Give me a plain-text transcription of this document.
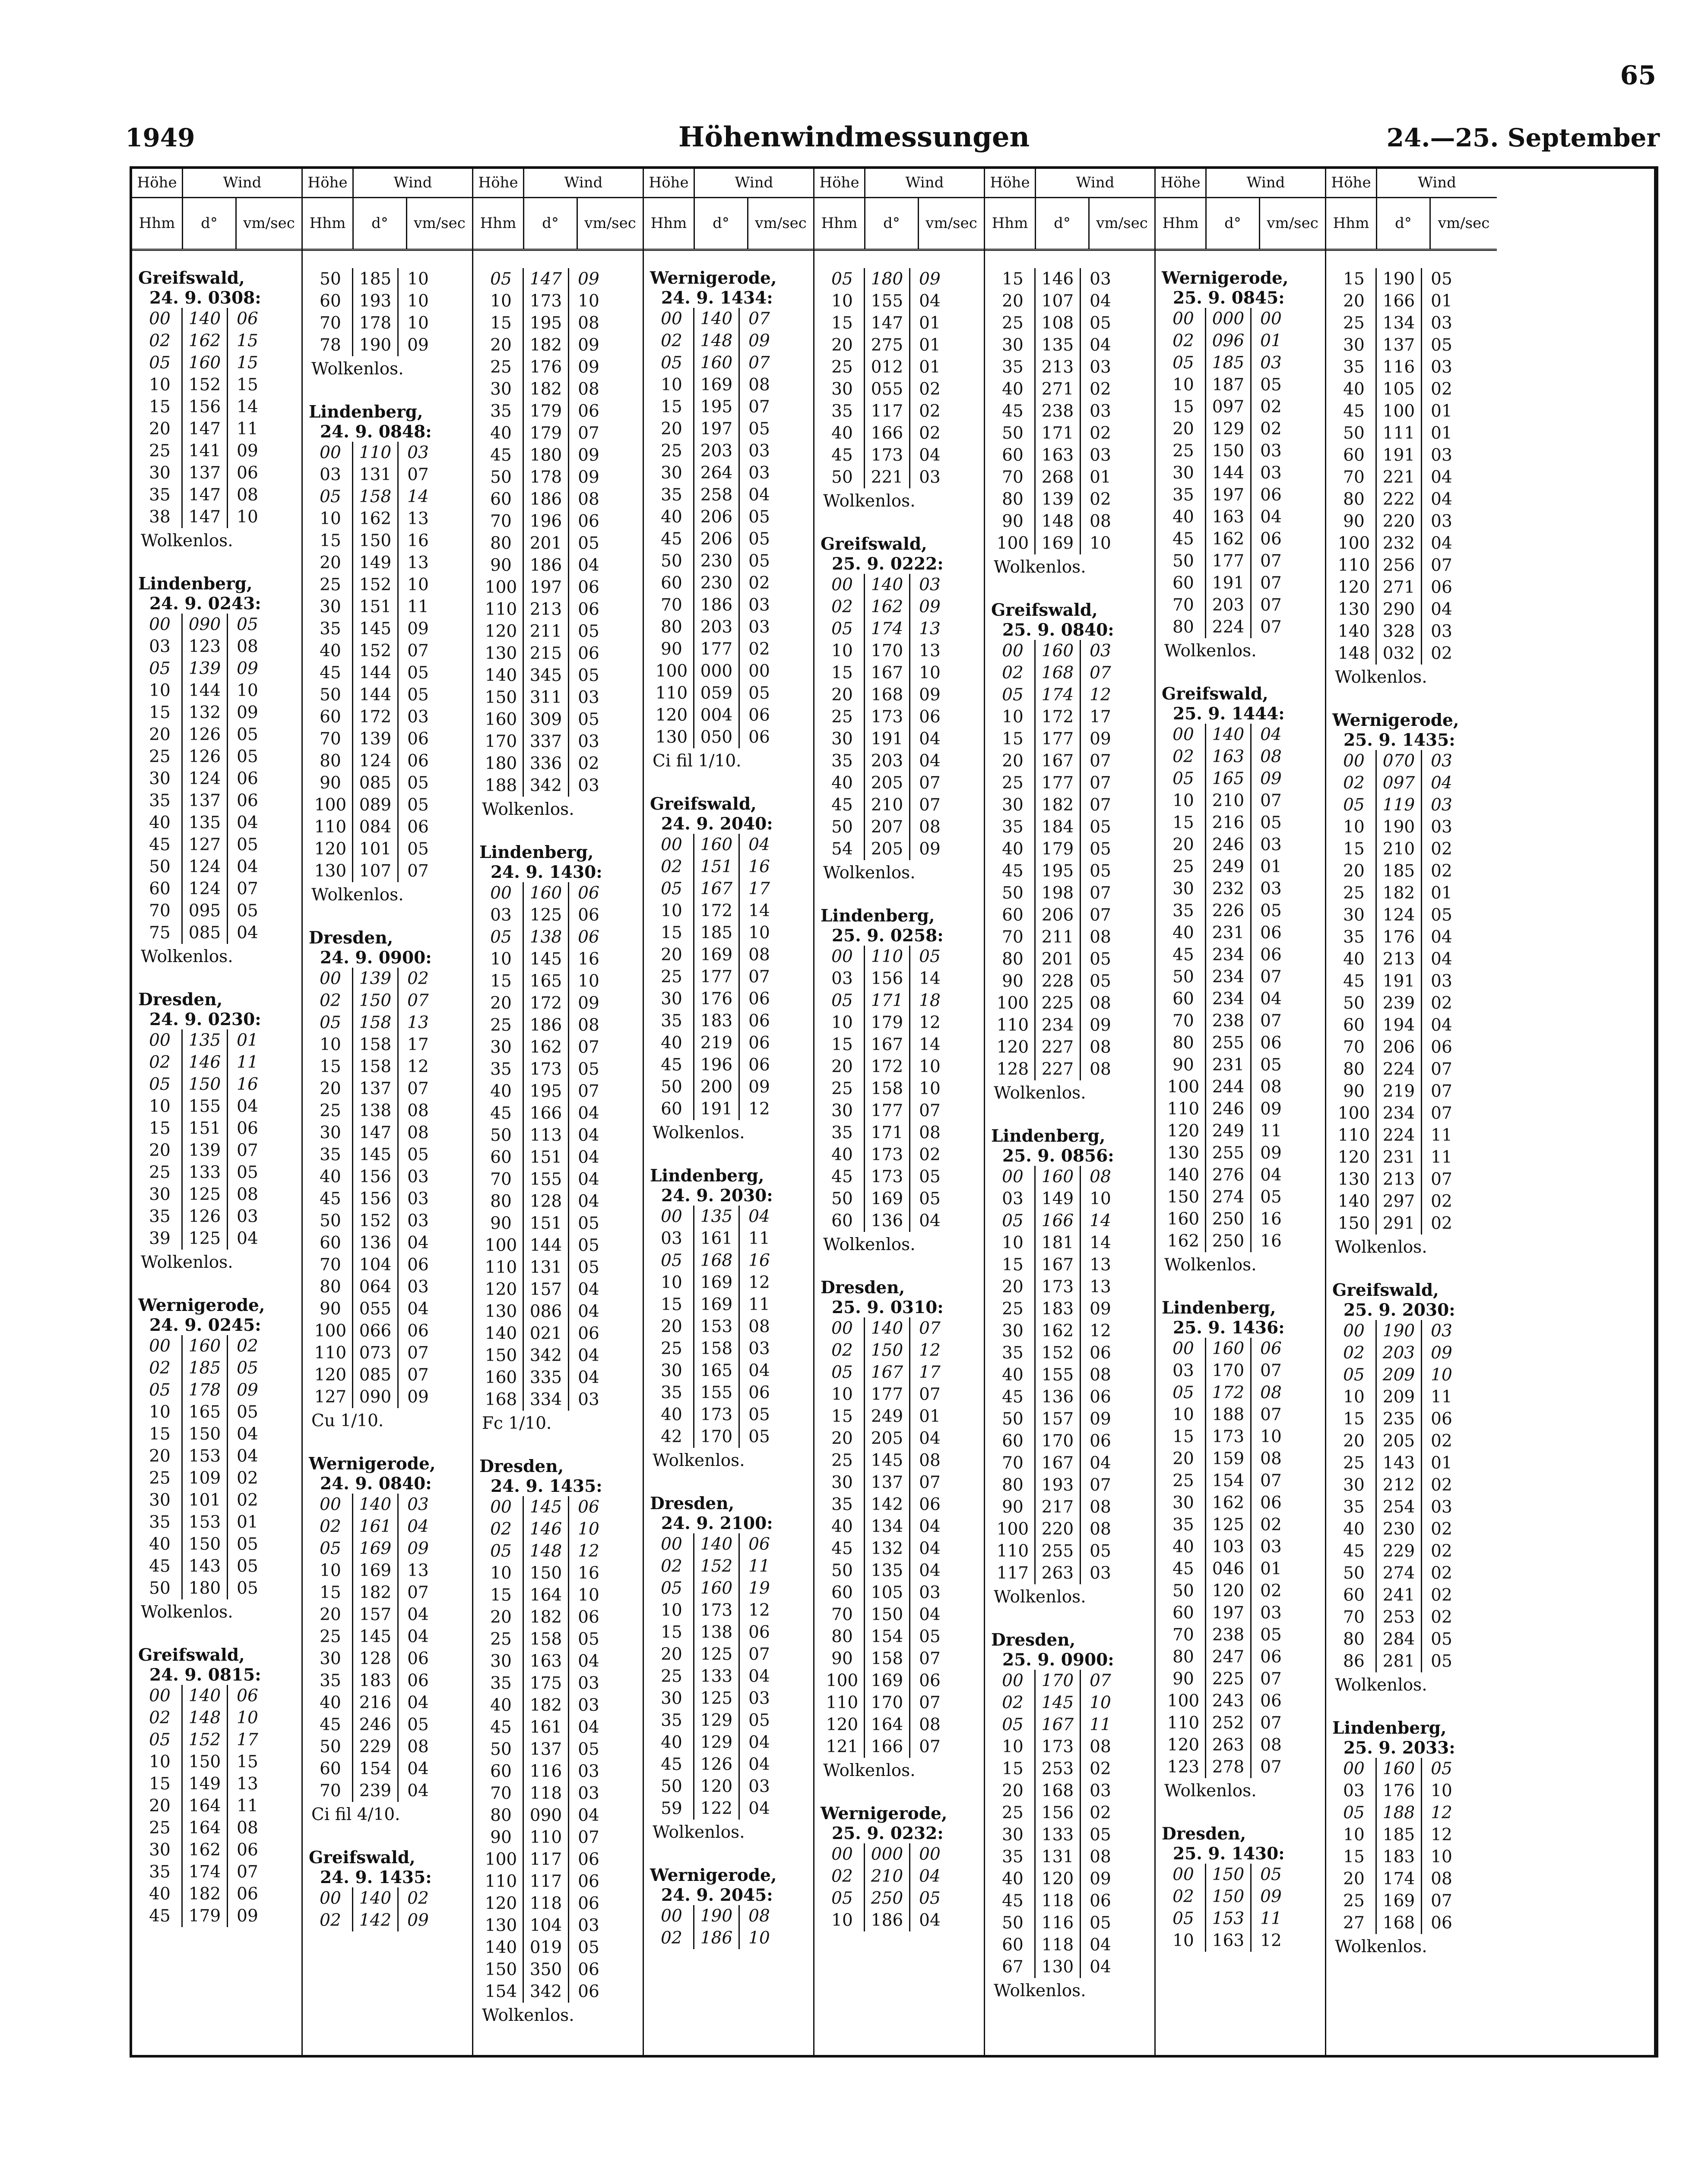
65
1949	Höhenwindmessungen	24.—25. September
Höhe	Wind
H hm d ° v m/sec
Greifswald,
24. 9. 0308:
00	140 06
02	162 15
05	160 15
10	152 15
15	156 14
20	147 11
25	141 09
30	137 06
35	147 08
38	147 10
Wolkenlos.
Lindenberg,
24. 9. 0243:
00	090 05
03	123 08
05	139 09
10	144 10
15	132 09
20	126 05
25	126 05
30	124 06
35	137 06
40	135 04
45	127 05
50	124 04
60	124 07
70	095 05
75	085 04
Wolkenlos.
Dresden,
24. 9. 0230:
00	135 01
02	146 11
05	150 16
10	155 04
15	151 06
20	139 07
25	133 05
30	125 08
35	126 03
39	125 04
Wolkenlos.
Wernigerode,
24. 9. 0245:
00	160 02
02	185 05
05	178 09
10	165 05
15	150 04
20	153 04
25	109 02
30	101 02
35	153 01
40	150 05
45	143 05
50	180 05
Wolkenlos.
Greifswald,
24. 9. 0815:
00	140 06
02	148 10
05	152 17
10	150 15
15	149 13
20	164 11
25	164 08
30	162 06
35	174 07
40	182 06
45	179 09
Höhe	Wind
H hm d ° v m/sec
50	185 10
60	193 10
70	178 10
78	190 09
Wolkenlos.
Lindenberg,
24. 9. 0848:
00	110 03
03	131 07
05	158 14
10	162 13
15	150 16
20	149 13
25	152 10
30	151 11
35	145 09
40	152 07
45	144 05
50	144 05
60	172 03
70	139 06
80	124 06
90	085 05
100 089 05
110 084 06
120 101 05
130 107 07
Wolkenlos.
Dresden,
24. 9. 0900:
00	139 02
02	150 07
05	158 13
10	158 17
15	158 12
20	137 07
25	138 08
30	147 08
35	145 05
40	156 03
45	156 03
50	152 03
60	136 04
70	104 06
80	064 03
90	055 04
100 066 06
110 073 07
120 085 07
127 090 09
Cu 1/10.
Wernigerode,
24. 9. 0840:
00	140 03
02	161 04
05	169 09
10	169 13
15	182 07
20	157 04
25	145 04
30	128 06
35	183 06
40	216 04
45	246 05
50	229 08
60	154 04
70	239 04
Ci fil 4/10.
Greifswald,
24. 9. 1435:
00	140 02
02	142 09
Höhe	Wind
H hm d ° v m/sec
05	147 09
10	173 10
15	195 08
20	182 09
25	176 09
30	182 08
35	179 06
40	179 07
45	180 09
50	178 09
60	186 08
70	196 06
80	201 05
90	186 04
100 197 06
110 213 06
120 211 05
130 215 06
140 345 05
150 311 03
160 309 05
170 337 03
180 336 02
188 342 03
Wolkenlos.
Lindenberg,
24. 9. 1430:
00	160 06
03	125 06
05	138 06
10	145 16
15	165 10
20	172 09
25	186 08
30	162 07
35	173 05
40	195 07
45	166 04
50	113 04
60	151 04
70	155 04
80	128 04
90	151 05
100 144 05
110 131 05
120 157 04
130 086 04
140 021 06
150 342 04
160 335 04
168 334 03
Fc 1/10.
Dresden,
24. 9. 1435:
00	145 06
02	146 10
05	148 12
10	150 16
15	164 10
20	182 06
25	158 05
30	163 04
35	175 03
40	182 03
45	161 04
50	137 05
60	116 03
70	118 03
80	090 04
90	110 07
100 117 06
110 117 06
120 118 06
130 104 03
140 019 05
150 350 06
154 342 06
Wolkenlos.
Höhe	Wind
H hm d ° v m/sec
Wernigerode,
24. 9. 1434:
00	140 07
02	148 09
05	160 07
10	169 08
15	195 07
20	197 05
25	203 03
30	264 03
35	258 04
40	206 05
45	206 05
50	230 05
60	230 02
70	186 03
80	203 03
90	177 02
100 000 00
110 059 05
120 004 06
130 050 06
Ci fil 1/10.
Greifswald,
24. 9. 2040:
00	160 04
02	151 16
05	167 17
10	172 14
15	185 10
20	169 08
25	177 07
30	176 06
35	183 06
40	219 06
45	196 06
50	200 09
60	191 12
Wolkenlos.
Lindenberg,
24. 9. 2030:
00	135 04
03	161 11
05	168 16
10	169 12
15	169 11
20	153 08
25	158 03
30	165 04
35	155 06
40	173 05
42	170 05
Wolkenlos.
Dresden,
24. 9. 2100:
00	140 06
02	152 11
05	160 19
10	173 12
15	138 06
20	125 07
25	133 04
30	125 03
35	129 05
40	129 04
45	126 04
50	120 03
59	122 04
Wolkenlos.
Wernigerode,
24. 9. 2045:
00	190 08
02	186 10
Höhe	Wind
H hm d ° v m/sec
05	180 09
10	155 04
15	147 01
20	275 01
25	012 01
30	055 02
35	117 02
40	166 02
45	173 04
50	221 03
Wolkenlos.
Greifswald,
25. 9. 0222:
00	140 03
02	162 09
05	174 13
10	170 13
15	167 10
20	168 09
25	173 06
30	191 04
35	203 04
40	205 07
45	210 07
50	207 08
54	205 09
Wolkenlos.
Lindenberg,
25. 9. 0258:
00	110 05
03	156 14
05	171 18
10	179 12
15	167 14
20	172 10
25	158 10
30	177 07
35	171 08
40	173 02
45	173 05
50	169 05
60	136 04
Wolkenlos.
Dresden,
25. 9. 0310:
00	140 07
02	150 12
05	167 17
10	177 07
15	249 01
20	205 04
25	145 08
30	137 07
35	142 06
40	134 04
45	132 04
50	135 04
60	105 03
70	150 04
80	154 05
90	158 07
100 169 06
110 170 07
120 164 08
121 166 07
Wolkenlos.
Wernigerode,
25. 9. 0232:
00	000 00
02	210 04
05	250 05
10	186 04
Höhe	Wind
H hm d ° v m/sec
15	146 03
20	107 04
25	108 05
30	135 04
35	213 03
40	271 02
45	238 03
50	171 02
60	163 03
70	268 01
80	139 02
90	148 08
100 169 10
Wolkenlos.
Greifswald,
25. 9. 0840:
00	160 03
02	168 07
05	174 12
10	172 17
15	177 09
20	167 07
25	177 07
30	182 07
35	184 05
40	179 05
45	195 05
50	198 07
60	206 07
70	211 08
80	201 05
90	228 05
100 225 08
110 234 09
120 227 08
128 227 08
Wolkenlos.
Lindenberg,
25. 9. 0856:
00	160 08
03	149 10
05	166 14
10	181 14
15	167 13
20	173 13
25	183 09
30	162 12
35	152 06
40	155 08
45	136 06
50	157 09
60	170 06
70	167 04
80	193 07
90	217 08
100 220 08
110 255 05
117 263 03
Wolkenlos.
Dresden,
25. 9. 0900:
00	170 07
02	145 10
05	167 11
10	173 08
15	253 02
20	168 03
25	156 02
30	133 05
35	131 08
40	120 09
45	118 06
50	116 05
60	118 04
67	130 04
Wolkenlos.
Höhe	Wind
H hm d ° v m/sec
Wernigerode,
25. 9. 0845:
00	000 00
02	096 01
05	185 03
10	187 05
15	097 02
20	129 02
25	150 03
30	144 03
35	197 06
40	163 04
45	162 06
50	177 07
60	191 07
70	203 07
80	224 07
Wolkenlos.
Greifswald,
25. 9. 1444:
00	140 04
02	163 08
05	165 09
10	210 07
15	216 05
20	246 03
25	249 01
30	232 03
35	226 05
40	231 06
45	234 06
50	234 07
60	234 04
70	238 07
80	255 06
90	231 05
100 244 08
110 246 09
120 249 11
130 255 09
140 276 04
150 274 05
160 250 16
162 250 16
Wolkenlos.
Lindenberg,
25. 9. 1436:
00	160 06
03	170 07
05	172 08
10	188 07
15	173 10
20	159 08
25	154 07
30	162 06
35	125 02
40	103 03
45	046 01
50	120 02
60	197 03
70	238 05
80	247 06
90	225 07
100 243 06
110 252 07
120 263 08
123 278 07
Wolkenlos.
Dresden,
25. 9. 1430:
00	150 05
02	150 09
05	153 11
10	163 12
Höhe	Wind
H hm d ° v m/sec
15	190 05
20	166 01
25	134 03
30	137 05
35	116 03
40	105 02
45	100 01
50	111 01
60	191 03
70	221 04
80	222 04
90	220 03
100 232 04
110 256 07
120 271 06
130 290 04
140 328 03
148 032 02
Wolkenlos.
Wernigerode,
25. 9. 1435:
00	070 03
02	097 04
05	119 03
10	190 03
15	210 02
20	185 02
25	182 01
30	124 05
35	176 04
40	213 04
45	191 03
50	239 02
60	194 04
70	206 06
80	224 07
90	219 07
100 234 07
110 224 11
120 231 11
130 213 07
140 297 02
150 291 02
Wolkenlos.
Greifswald,
25. 9. 2030:
00	190 03
02	203 09
05	209 10
10	209 11
15	235 06
20	205 02
25	143 01
30	212 02
35	254 03
40	230 02
45	229 02
50	274 02
60	241 02
70	253 02
80	284 05
86	281 05
Wolkenlos.
Lindenberg,
25. 9. 2033:
00	160 05
03	176 10
05	188 12
10	185 12
15	183 10
20	174 08
25	169 07
27	168 06
Wolkenlos.
